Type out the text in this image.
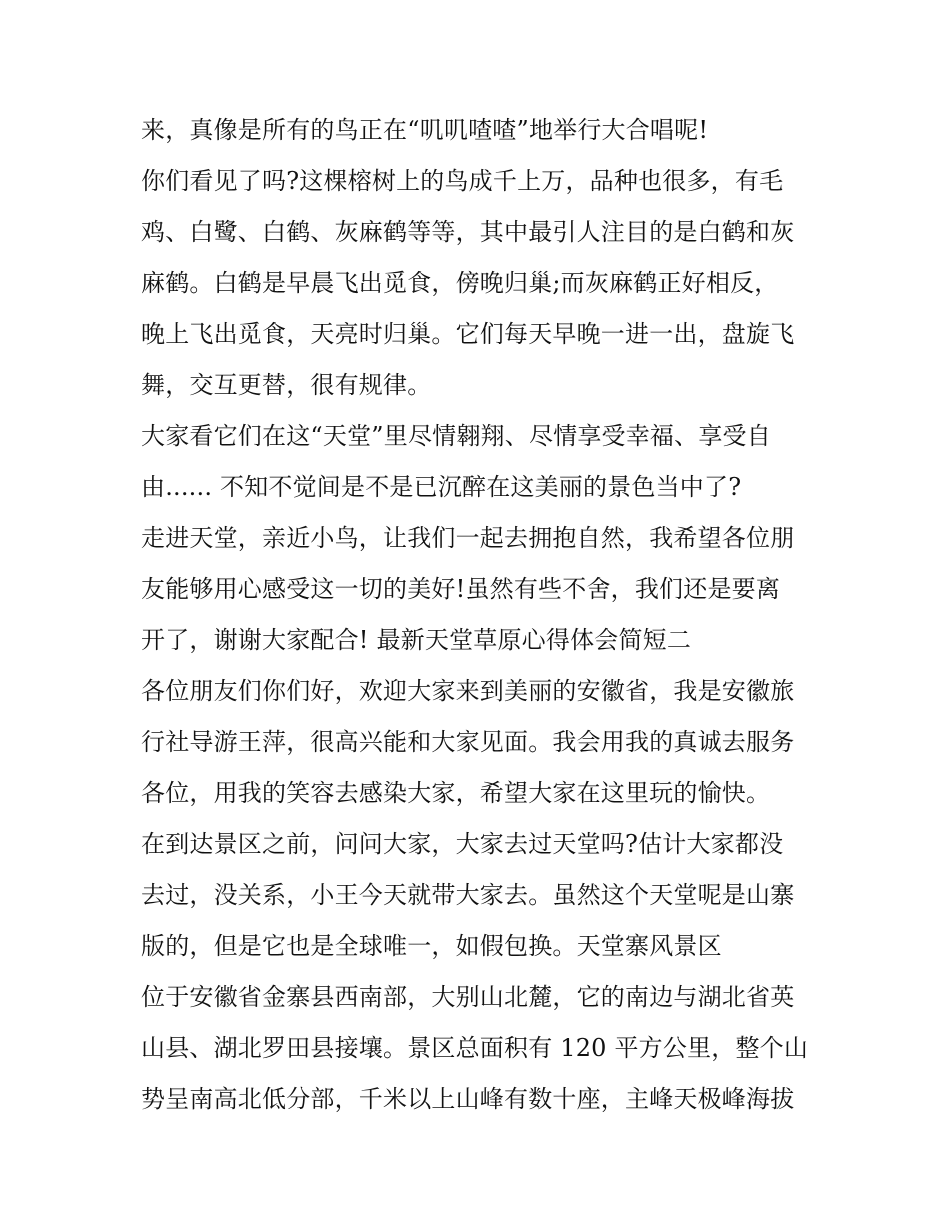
来，真像是所有的鸟正在“叽叽喳喳”地举行大合唱呢!
你们看见了吗?这棵榕树上的鸟成千上万，品种也很多，有毛
鸡、白鹭、白鹤、灰麻鹤等等，其中最引人注目的是白鹤和灰
麻鹤。白鹤是早晨飞出觅食，傍晚归巢;而灰麻鹤正好相反，
晚上飞出觅食，天亮时归巢。它们每天早晚一进一出，盘旋飞
舞，交互更替，很有规律。
大家看它们在这“天堂”里尽情翱翔、尽情享受幸福、享受自
由...... 不知不觉间是不是已沉醉在这美丽的景色当中了?
走进天堂，亲近小鸟，让我们一起去拥抱自然，我希望各位朋
友能够用心感受这一切的美好!虽然有些不舍，我们还是要离
开了，谢谢大家配合! 最新天堂草原心得体会简短二
各位朋友们你们好，欢迎大家来到美丽的安徽省，我是安徽旅
行社导游王萍，很高兴能和大家见面。我会用我的真诚去服务
各位，用我的笑容去感染大家，希望大家在这里玩的愉快。
在到达景区之前，问问大家，大家去过天堂吗?估计大家都没
去过，没关系，小王今天就带大家去。虽然这个天堂呢是山寨
版的，但是它也是全球唯一，如假包换。天堂寨风景区
位于安徽省金寨县西南部，大别山北麓，它的南边与湖北省英
山县、湖北罗田县接壤。景区总面积有 120 平方公里，整个山
势呈南高北低分部，千米以上山峰有数十座，主峰天极峰海拔
